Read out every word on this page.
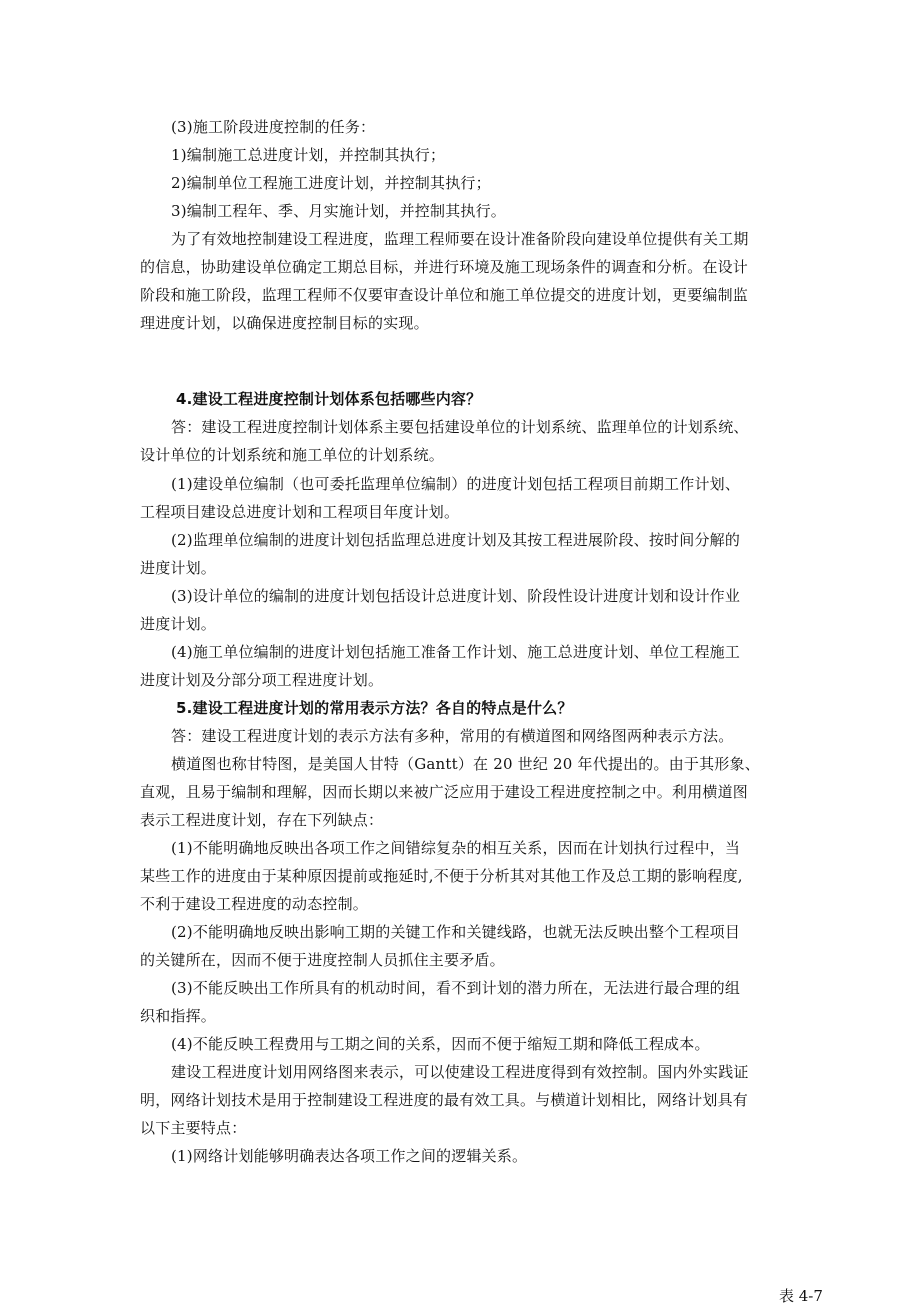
(3)施工阶段进度控制的任务：
1)编制施工总进度计划，并控制其执行；
2)编制单位工程施工进度计划，并控制其执行；
3)编制工程年、季、月实施计划，并控制其执行。
为了有效地控制建设工程进度，监理工程师要在设计准备阶段向建设单位提供有关工期
的信息，协助建设单位确定工期总目标，并进行环境及施工现场条件的调查和分析。在设计
阶段和施工阶段，监理工程师不仅要审查设计单位和施工单位提交的进度计划，更要编制监
理进度计划，以确保进度控制目标的实现。
4.建设工程进度控制计划体系包括哪些内容？
答：建设工程进度控制计划体系主要包括建设单位的计划系统、监理单位的计划系统、
设计单位的计划系统和施工单位的计划系统。
(1)建设单位编制（也可委托监理单位编制）的进度计划包括工程项目前期工作计划、
工程项目建设总进度计划和工程项目年度计划。
(2)监理单位编制的进度计划包括监理总进度计划及其按工程进展阶段、按时间分解的
进度计划。
(3)设计单位的编制的进度计划包括设计总进度计划、阶段性设计进度计划和设计作业
进度计划。
(4)施工单位编制的进度计划包括施工准备工作计划、施工总进度计划、单位工程施工
进度计划及分部分项工程进度计划。
5.建设工程进度计划的常用表示方法？各自的特点是什么？
答：建设工程进度计划的表示方法有多种，常用的有横道图和网络图两种表示方法。
横道图也称甘特图，是美国人甘特（Gantt）在 20 世纪 20 年代提出的。由于其形象、
直观，且易于编制和理解，因而长期以来被广泛应用于建设工程进度控制之中。利用横道图
表示工程进度计划，存在下列缺点：
(1)不能明确地反映出各项工作之间错综复杂的相互关系，因而在计划执行过程中，当
某些工作的进度由于某种原因提前或拖延时,不便于分析其对其他工作及总工期的影响程度,
不利于建设工程进度的动态控制。
(2)不能明确地反映出影响工期的关键工作和关键线路，也就无法反映出整个工程项目
的关键所在，因而不便于进度控制人员抓住主要矛盾。
(3)不能反映出工作所具有的机动时间，看不到计划的潜力所在，无法进行最合理的组
织和指挥。
(4)不能反映工程费用与工期之间的关系，因而不便于缩短工期和降低工程成本。
建设工程进度计划用网络图来表示，可以使建设工程进度得到有效控制。国内外实践证
明，网络计划技术是用于控制建设工程进度的最有效工具。与横道计划相比，网络计划具有
以下主要特点：
(1)网络计划能够明确表达各项工作之间的逻辑关系。
表 4-7
